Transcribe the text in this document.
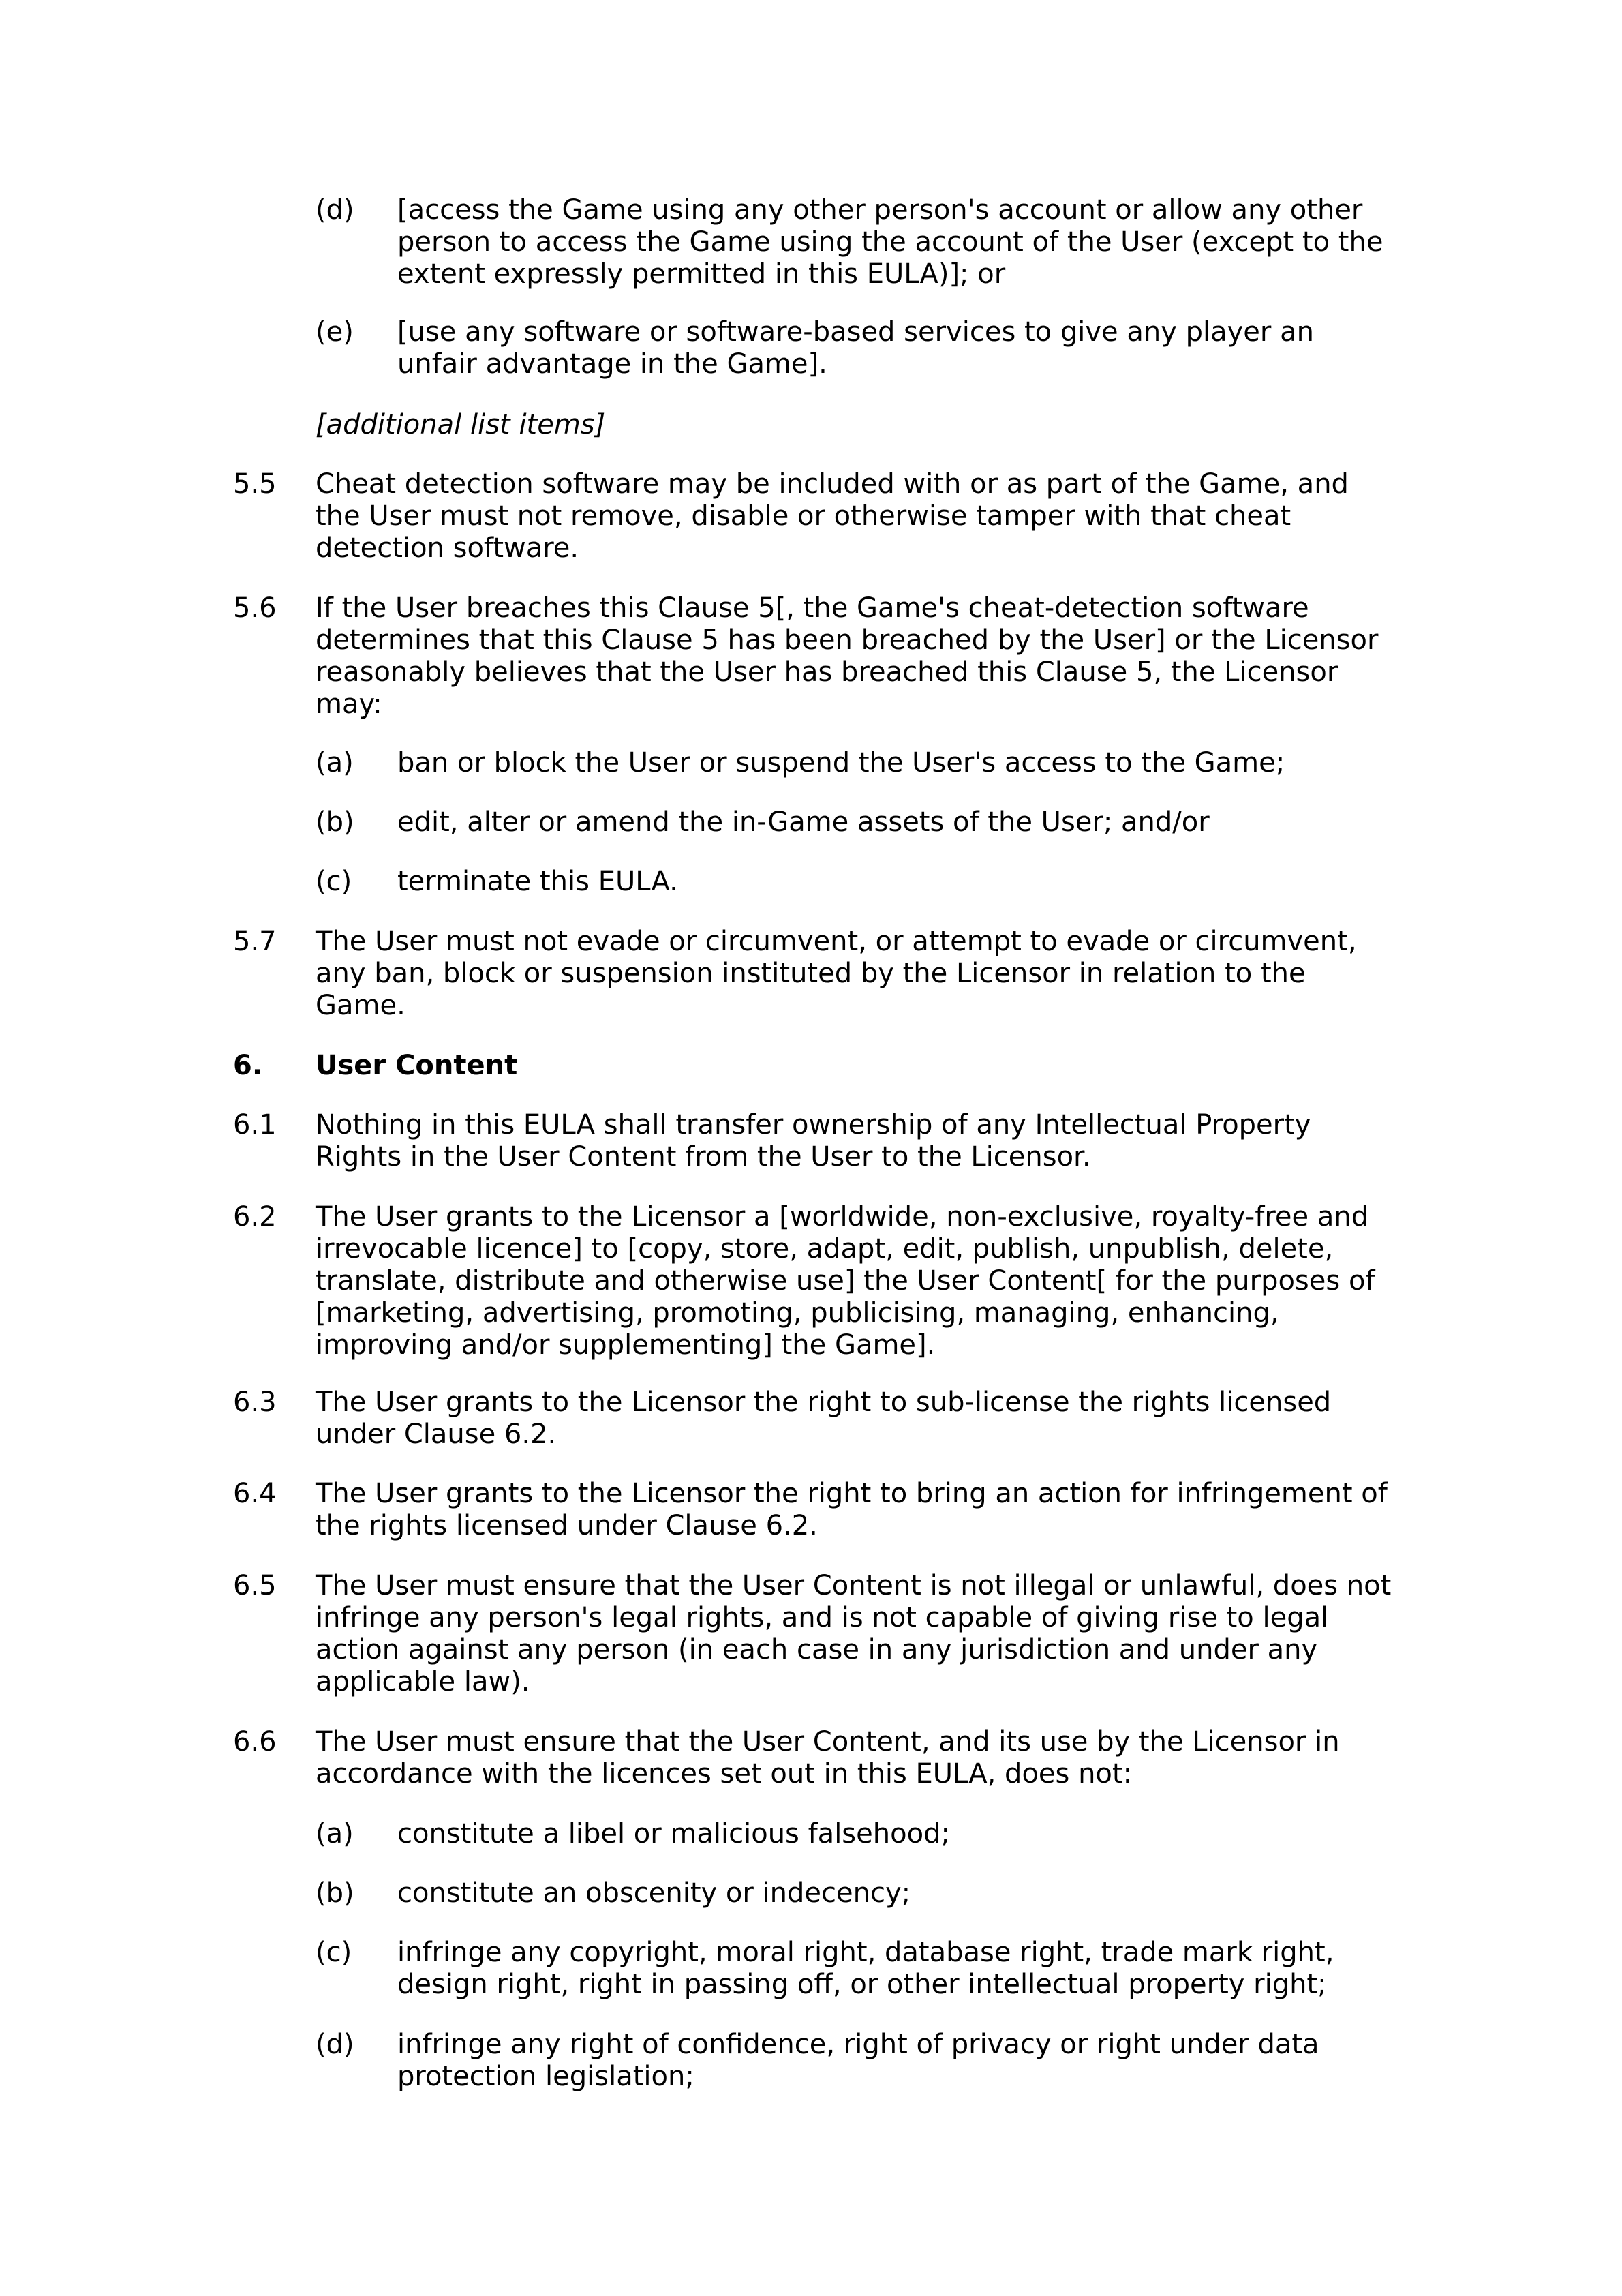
(d) [access the Game using any other person's account or allow any other
person to access the Game using the account of the User (except to the
extent expressly permitted in this EULA)]; or
(e) [use any software or software-based services to give any player an
unfair advantage in the Game].
[additional list items]
5.5 Cheat detection software may be included with or as part of the Game, and
the User must not remove, disable or otherwise tamper with that cheat
detection software.
5.6 If the User breaches this Clause 5[, the Game's cheat-detection software
determines that this Clause 5 has been breached by the User] or the Licensor
reasonably believes that the User has breached this Clause 5, the Licensor
may:
(a) ban or block the User or suspend the User's access to the Game;
(b) edit, alter or amend the in-Game assets of the User; and/or
(c) terminate this EULA.
5.7 The User must not evade or circumvent, or attempt to evade or circumvent,
any ban, block or suspension instituted by the Licensor in relation to the
Game.
6. User Content
6.1 Nothing in this EULA shall transfer ownership of any Intellectual Property
Rights in the User Content from the User to the Licensor.
6.2 The User grants to the Licensor a [worldwide, non-exclusive, royalty-free and
irrevocable licence] to [copy, store, adapt, edit, publish, unpublish, delete,
translate, distribute and otherwise use] the User Content[ for the purposes of
[marketing, advertising, promoting, publicising, managing, enhancing,
improving and/or supplementing] the Game].
6.3 The User grants to the Licensor the right to sub-license the rights licensed
under Clause 6.2.
6.4 The User grants to the Licensor the right to bring an action for infringement of
the rights licensed under Clause 6.2.
6.5 The User must ensure that the User Content is not illegal or unlawful, does not
infringe any person's legal rights, and is not capable of giving rise to legal
action against any person (in each case in any jurisdiction and under any
applicable law).
6.6 The User must ensure that the User Content, and its use by the Licensor in
accordance with the licences set out in this EULA, does not:
(a) constitute a libel or malicious falsehood;
(b) constitute an obscenity or indecency;
(c) infringe any copyright, moral right, database right, trade mark right,
design right, right in passing off, or other intellectual property right;
(d) infringe any right of confidence, right of privacy or right under data
protection legislation;
